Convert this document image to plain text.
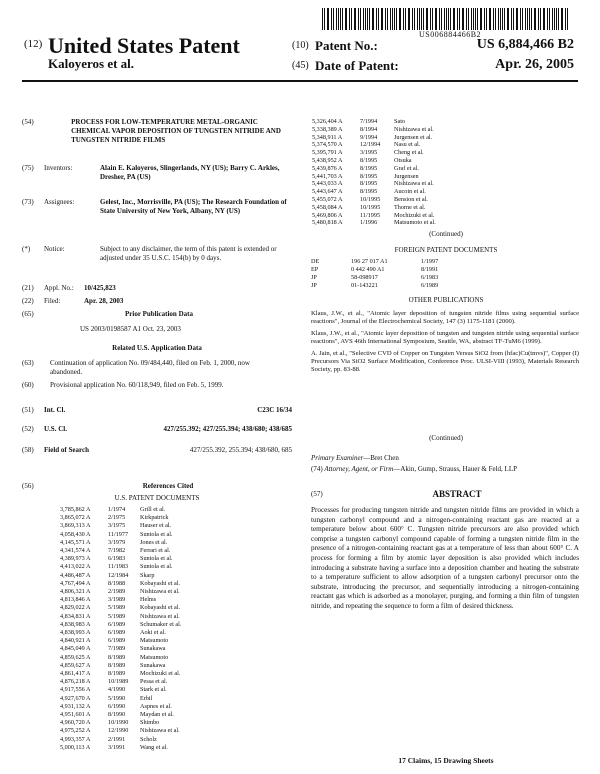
US006884466B2
(12) United States Patent
Kaloyeros et al.
(10) Patent No.:	US 6,884,466 B2
(45) Date of Patent:	Apr. 26, 2005
(54)	PROCESS FOR LOW-TEMPERATURE METAL-ORGANIC CHEMICAL VAPOR DEPOSITION OF TUNGSTEN NITRIDE AND TUNGSTEN NITRIDE FILMS
(75)	Inventors:	Alain E. Kaloyeros, Slingerlands, NY (US); Barry C. Arkles, Dresher, PA (US)
(73)	Assignees:	Gelest, Inc., Morrisville, PA (US); The Research Foundation of State University of New York, Albany, NY (US)
(*)	Notice:	Subject to any disclaimer, the term of this patent is extended or adjusted under 35 U.S.C. 154(b) by 0 days.
(21)	Appl. No.:	10/425,823
(22)	Filed:	Apr. 28, 2003
(65)	Prior Publication Data
US 2003/0198587 A1 Oct. 23, 2003
Related U.S. Application Data
(63)	Continuation of application No. 09/484,440, filed on Feb. 1, 2000, now abandoned.
(60)	Provisional application No. 60/118,949, filed on Feb. 5, 1999.
(51)	Int. Cl.	C23C 16/34
(52)	U.S. Cl.	427/255.392; 427/255.394; 438/680; 438/685
(58)	Field of Search	427/255.392, 255.394; 438/680, 685
(56)	References Cited
U.S. PATENT DOCUMENTS
3,785,862 A	1/1974 Grill et al.
3,865,072 A	2/1975 Kirkpatrick
3,869,313 A	3/1975 Hauser et al.
4,058,430 A	11/1977 Suntola et al.
4,145,571 A	3/1979 Jones et al.
4,341,574 A	7/1982 Ferrari et al.
4,389,973 A	6/1983 Suntola et al.
4,413,022 A	11/1983 Suntola et al.
4,486,487 A	12/1984 Skarp
4,767,494 A	8/1988 Kobayashi et al.
4,806,321 A	2/1989 Nishizawa et al.
4,813,846 A	3/1989 Helms
4,829,022 A	5/1989 Kobayashi et al.
4,834,831 A	5/1989 Nishizawa et al.
4,838,983 A	6/1989 Schumaker et al.
4,838,993 A	6/1989 Aoki et al.
4,840,921 A	6/1989 Matsumoto
4,845,049 A	7/1989 Sunakawa
4,859,625 A	8/1989 Matsumoto
4,859,627 A	8/1989 Sunakawa
4,861,417 A	8/1989 Mochizuki et al.
4,876,218 A	10/1989 Pessa et al.
4,917,556 A	4/1990 Stark et al.
4,927,670 A	5/1990 Erbil
4,931,132 A	6/1990 Aspnes et al.
4,951,601 A	8/1990 Maydan et al.
4,960,720 A	10/1990 Shimbo
4,975,252 A	12/1990 Nishizawa et al.
4,993,357 A	2/1991 Scholz
5,000,113 A	3/1991 Wang et al.
5,326,404 A	7/1994	Sato
5,338,389 A	8/1994	Nishizawa et al.
5,348,911 A	9/1994	Jurgensen et al.
5,374,570 A	12/1994 Nasu et al.
5,395,791 A	3/1995	Cheng et al.
5,438,952 A	8/1995	Otsuka
5,439,876 A	8/1995	Graf et al.
5,441,703 A	8/1995	Jurgensen
5,443,033 A	8/1995	Nishizawa et al.
5,443,647 A	8/1995	Aucoin et al.
5,455,072 A	10/1995 Bension et al.
5,458,084 A	10/1995 Thorne et al.
5,469,806 A	11/1995 Mochizuki et al.
5,480,818 A	1/1996	Matsumoto et al.
(Continued)
FOREIGN PATENT DOCUMENTS
DE	196 27 017 A1	1/1997
EP	0 442 490 A1	8/1991
JP	58-098917	6/1983
JP	01-143221	6/1989
OTHER PUBLICATIONS
Klaus, J.W., et al., "Atomic layer deposition of tungsten nitride films using sequential surface reactions", Journal of the Electrochemical Society, 147 (3) 1175-1181 (2000).
Klaus, J.W., et al., "Atomic layer deposition of tungsten and tungsten nitride using sequential surface reactions", AVS 46th International Symposium, Seattle, WA, abstract TF-TuM6 (1999).
A. Jain, et al., "Selective CVD of Copper on Tungsten Versus SiO2 from (hfac)Cu(tmvs)", Copper (I) Precursors Via SiO2 Surface Modification, Conference Proc. ULSI-VIII (1993), Materials Research Society, pp. 83-88.
(Continued)
Primary Examiner—Bret Chen
(74) Attorney, Agent, or Firm—Akin, Gump, Strauss, Hauer & Feld, LLP
(57)	ABSTRACT
Processes for producing tungsten nitride and tungsten nitride films are provided in which a tungsten carbonyl compound and a nitrogen-containing reactant gas are reacted at a temperature below about 600° C. Tungsten nitride precursors are also provided which comprise a tungsten carbonyl compound capable of forming a tungsten nitride film in the presence of a nitrogen-containing reactant gas at a temperature of less than about 600° C. A process for forming a film by atomic layer deposition is also provided which includes introducing a substrate having a surface into a deposition chamber and heating the substrate to a temperature sufficient to allow adsorption of a tungsten carbonyl precursor onto the substrate, introducing the precursor, and sequentially introducing a nitrogen-containing reactant gas which is adsorbed as a monolayer, purging, and forming a thin film of tungsten nitride, and repeating the sequence to form a film of desired thickness.
17 Claims, 15 Drawing Sheets
